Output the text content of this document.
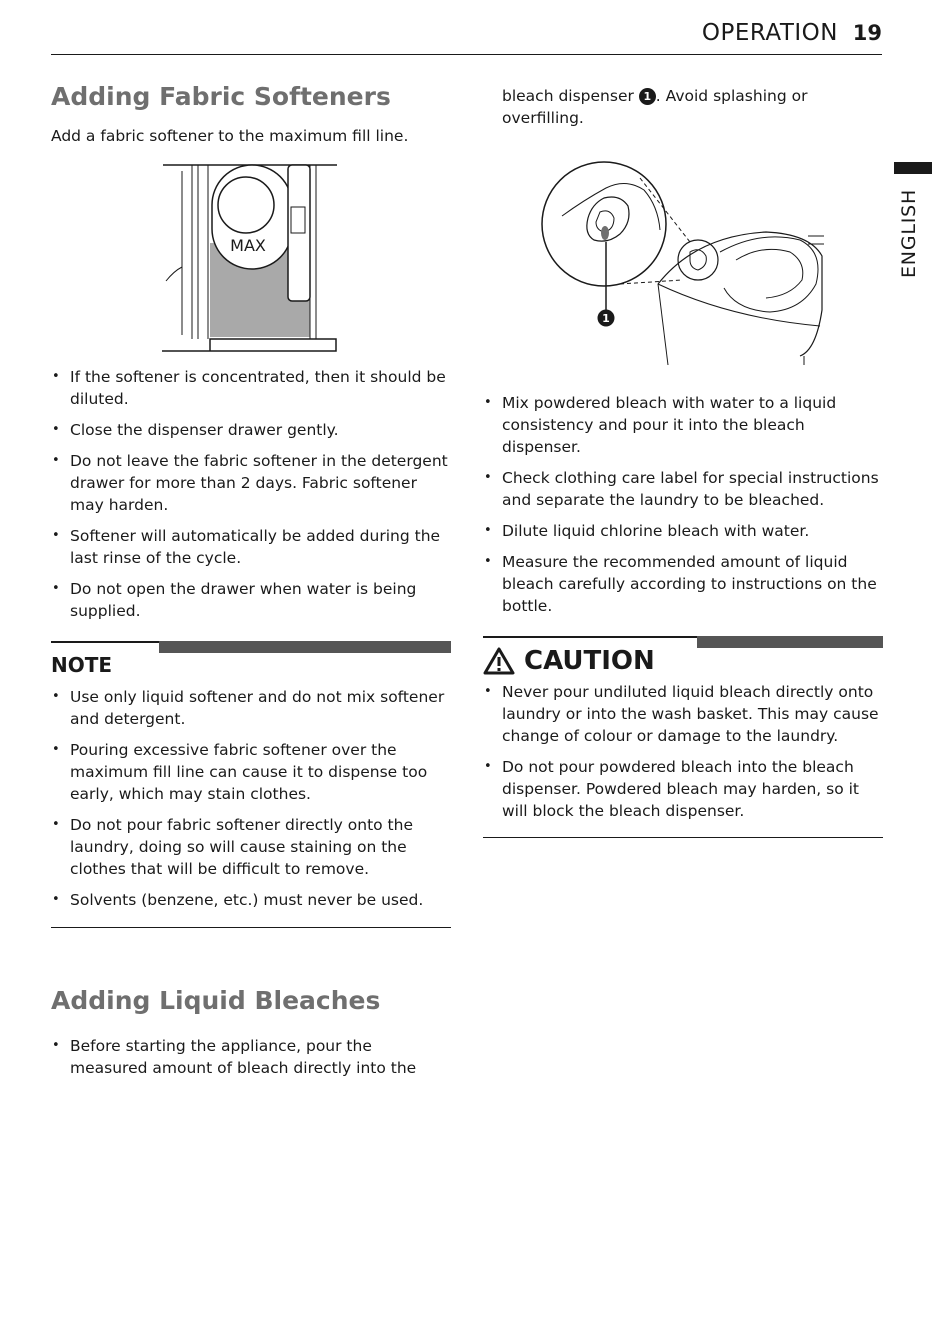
OPERATION 19
ENGLISH
Adding Fabric Softeners

Add a fabric softener to the maximum fill line.

MAX
• If the softener is concentrated, then it should be diluted.
• Close the dispenser drawer gently.
• Do not leave the fabric softener in the detergent drawer for more than 2 days. Fabric softener may harden.
• Softener will automatically be added during the last rinse of the cycle.
• Do not open the drawer when water is being supplied.
NOTE
• Use only liquid softener and do not mix softener and detergent.
• Pouring excessive fabric softener over the maximum fill line can cause it to dispense too early, which may stain clothes.
• Do not pour fabric softener directly onto the laundry, doing so will cause staining on the clothes that will be difficult to remove.
• Solvents (benzene, etc.) must never be used.
Adding Liquid Bleaches
• Before starting the appliance, pour the measured amount of bleach directly into the

bleach dispenser 1 . Avoid splashing or overfilling.

1
• Mix powdered bleach with water to a liquid consistency and pour it into the bleach dispenser.
• Check clothing care label for special instructions and separate the laundry to be bleached.
• Dilute liquid chlorine bleach with water.
• Measure the recommended amount of liquid bleach carefully according to instructions on the bottle.
CAUTION
• Never pour undiluted liquid bleach directly onto laundry or into the wash basket. This may cause change of colour or damage to the laundry.
• Do not pour powdered bleach into the bleach dispenser. Powdered bleach may harden, so it will block the bleach dispenser.
